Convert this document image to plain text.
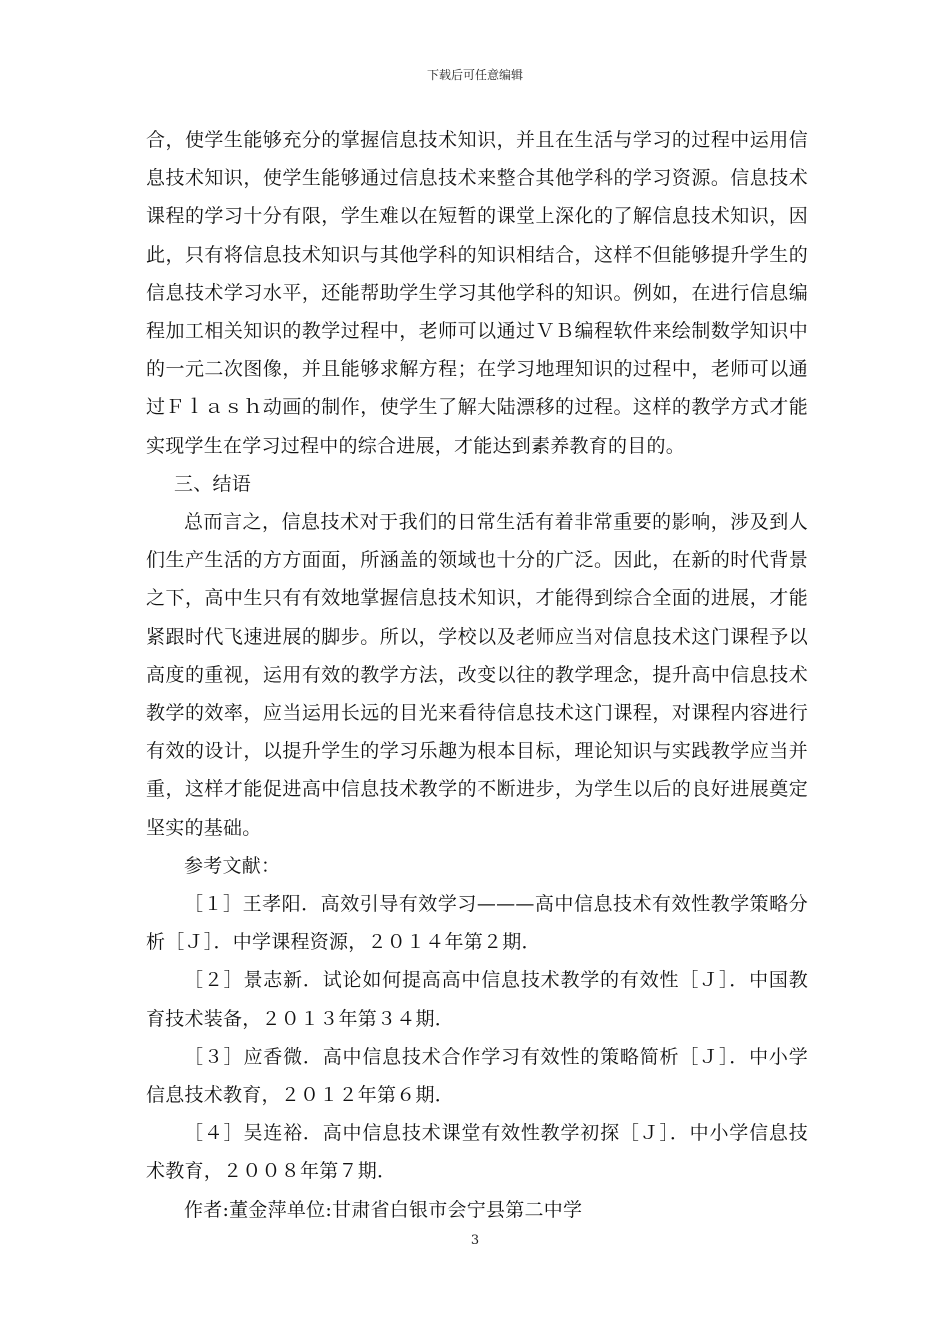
下载后可任意编辑

合，使学生能够充分的掌握信息技术知识，并且在生活与学习的过程中运用信息技术知识，使学生能够通过信息技术来整合其他学科的学习资源。信息技术课程的学习十分有限，学生难以在短暂的课堂上深化的了解信息技术知识，因此，只有将信息技术知识与其他学科的知识相结合，这样不但能够提升学生的信息技术学习水平，还能帮助学生学习其他学科的知识。例如，在进行信息编程加工相关知识的教学过程中，老师可以通过ＶＢ编程软件来绘制数学知识中的一元二次图像，并且能够求解方程；在学习地理知识的过程中，老师可以通过Ｆｌａｓｈ动画的制作，使学生了解大陆漂移的过程。这样的教学方式才能实现学生在学习过程中的综合进展，才能达到素养教育的目的。

三、结语

总而言之，信息技术对于我们的日常生活有着非常重要的影响，涉及到人们生产生活的方方面面，所涵盖的领域也十分的广泛。因此，在新的时代背景之下，高中生只有有效地掌握信息技术知识，才能得到综合全面的进展，才能紧跟时代飞速进展的脚步。所以，学校以及老师应当对信息技术这门课程予以高度的重视，运用有效的教学方法，改变以往的教学理念，提升高中信息技术教学的效率，应当运用长远的目光来看待信息技术这门课程，对课程内容进行有效的设计，以提升学生的学习乐趣为根本目标，理论知识与实践教学应当并重，这样才能促进高中信息技术教学的不断进步，为学生以后的良好进展奠定坚实的基础。

参考文献：

［１］王孝阳．高效引导有效学习———高中信息技术有效性教学策略分析［Ｊ］．中学课程资源，２０１４年第２期．

［２］景志新．试论如何提高高中信息技术教学的有效性［Ｊ］．中国教育技术装备，２０１３年第３４期．

［３］应香微．高中信息技术合作学习有效性的策略简析［Ｊ］．中小学信息技术教育，２０１２年第６期．

［４］吴连裕．高中信息技术课堂有效性教学初探［Ｊ］．中小学信息技术教育，２００８年第７期．

作者:董金萍单位:甘肃省白银市会宁县第二中学

3
